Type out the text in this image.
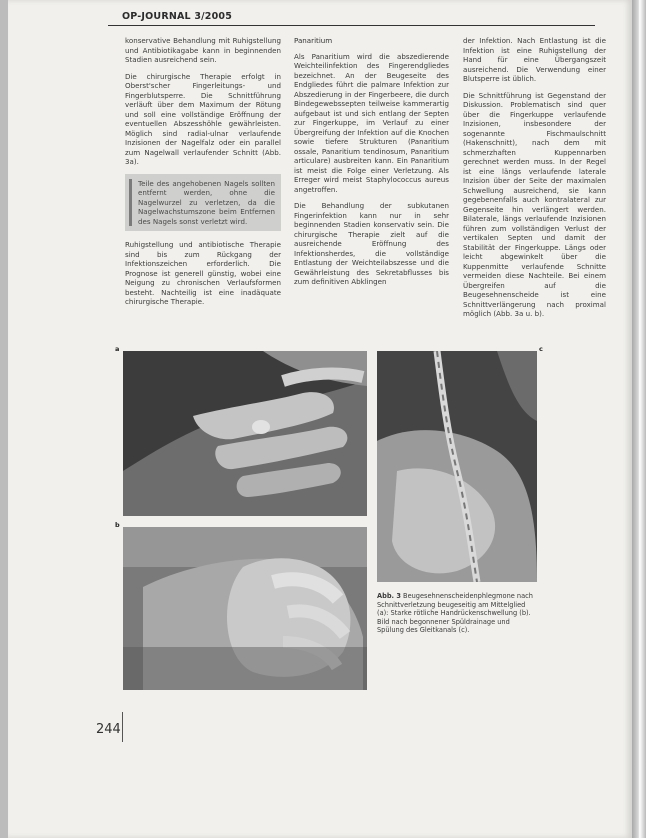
OP-JOURNAL 3/2005

konservative Behandlung mit Ruhigstellung und Antibiotikagabe kann in beginnenden Stadien ausreichend sein.

Die chirurgische Therapie erfolgt in Oberst'scher Fingerleitungs- und Fingerblutsperre. Die Schnittführung verläuft über dem Maximum der Rötung und soll eine vollständige Eröffnung der eventuellen Abszesshöhle gewährleisten. Möglich sind radial-ulnar verlaufende Inzisionen der Nagelfalz oder ein parallel zum Nagelwall verlaufender Schnitt (Abb. 3a).

Teile des angehobenen Nagels sollten entfernt werden, ohne die Nagelwurzel zu verletzen, da die Nagelwachstumszone beim Entfernen des Nagels sonst verletzt wird.

Ruhigstellung und antibiotische Therapie sind bis zum Rückgang der Infektionszeichen erforderlich. Die Prognose ist generell günstig, wobei eine Neigung zu chronischen Verlaufsformen besteht. Nachteilig ist eine inadäquate chirurgische Therapie.

Panaritium

Als Panaritium wird die abszedierende Weichteilinfektion des Fingerendgliedes bezeichnet. An der Beugeseite des Endgliedes führt die palmare Infektion zur Abszedierung in der Fingerbeere, die durch Bindegewebssepten teilweise kammerartig aufgebaut ist und sich entlang der Septen zur Fingerkuppe, im Verlauf zu einer Übergreifung der Infektion auf die Knochen sowie tiefere Strukturen (Panaritium ossale, Panaritium tendinosum, Panaritium articulare) ausbreiten kann. Ein Panaritium ist meist die Folge einer Verletzung. Als Erreger wird meist Staphylococcus aureus angetroffen.

Die Behandlung der subkutanen Fingerinfektion kann nur in sehr beginnenden Stadien konservativ sein. Die chirurgische Therapie zielt auf die ausreichende Eröffnung des Infektionsherdes, die vollständige Entlastung der Weichteilabszesse und die Gewährleistung des Sekretabflusses bis zum definitiven Abklingen

der Infektion. Nach Entlastung ist die Infektion ist eine Ruhigstellung der Hand für eine Übergangszeit ausreichend. Die Verwendung einer Blutsperre ist üblich.

Die Schnittführung ist Gegenstand der Diskussion. Problematisch sind quer über die Fingerkuppe verlaufende Inzisionen, insbesondere der sogenannte Fischmaulschnitt (Hakenschnitt), nach dem mit schmerzhaften Kuppennarben gerechnet werden muss. In der Regel ist eine längs verlaufende laterale Inzision über der Seite der maximalen Schwellung ausreichend, sie kann gegebenenfalls auch kontralateral zur Gegenseite hin verlängert werden. Bilaterale, längs verlaufende Inzisionen führen zum vollständigen Verlust der vertikalen Septen und damit der Stabilität der Fingerkuppe. Längs oder leicht abgewinkelt über die Kuppenmitte verlaufende Schnitte vermeiden diese Nachteile. Bei einem Übergreifen auf die Beugesehnenscheide ist eine Schnittverlängerung nach proximal möglich (Abb. 3a u. b).

a
b
c
Abb. 3 Beugesehnenscheidenphlegmone nach Schnittverletzung beugeseitig am Mittelglied (a): Starke rötliche Handrückenschwellung (b). Bild nach begonnener Spüldrainage und Spülung des Gleitkanals (c).
244
